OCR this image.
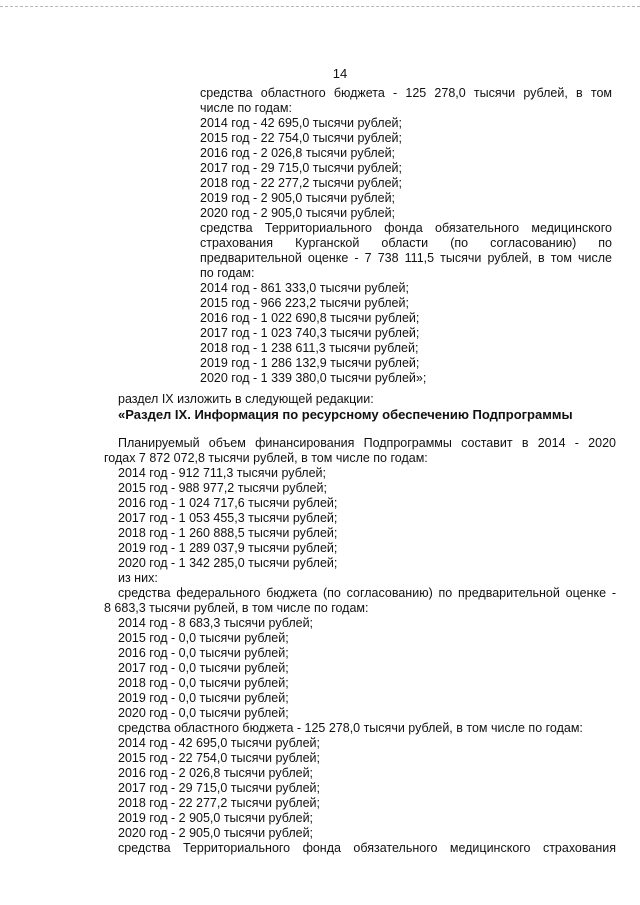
14
средства областного бюджета - 125 278,0 тысячи рублей, в том
числе по годам:
2014 год - 42 695,0 тысячи рублей;
2015 год - 22 754,0 тысячи рублей;
2016 год - 2 026,8 тысячи рублей;
2017 год - 29 715,0 тысячи рублей;
2018 год - 22 277,2 тысячи рублей;
2019 год - 2 905,0 тысячи рублей;
2020 год - 2 905,0 тысячи рублей;
средства Территориального фонда обязательного медицинского
страхования Курганской области (по согласованию) по
предварительной оценке - 7 738 111,5 тысячи рублей, в том числе
по годам:
2014 год - 861 333,0 тысячи рублей;
2015 год - 966 223,2 тысячи рублей;
2016 год - 1 022 690,8 тысячи рублей;
2017 год - 1 023 740,3 тысячи рублей;
2018 год - 1 238 611,3 тысячи рублей;
2019 год - 1 286 132,9 тысячи рублей;
2020 год - 1 339 380,0 тысячи рублей»;
раздел IX изложить в следующей редакции:
«Раздел IX. Информация по ресурсному обеспечению Подпрограммы
Планируемый объем финансирования Подпрограммы составит в 2014 - 2020
годах 7 872 072,8 тысячи рублей, в том числе по годам:
2014 год - 912 711,3 тысячи рублей;
2015 год - 988 977,2 тысячи рублей;
2016 год - 1 024 717,6 тысячи рублей;
2017 год - 1 053 455,3 тысячи рублей;
2018 год - 1 260 888,5 тысячи рублей;
2019 год - 1 289 037,9 тысячи рублей;
2020 год - 1 342 285,0 тысячи рублей;
из них:
средства федерального бюджета (по согласованию) по предварительной оценке -
8 683,3 тысячи рублей, в том числе по годам:
2014 год - 8 683,3 тысячи рублей;
2015 год - 0,0 тысячи рублей;
2016 год - 0,0 тысячи рублей;
2017 год - 0,0 тысячи рублей;
2018 год - 0,0 тысячи рублей;
2019 год - 0,0 тысячи рублей;
2020 год - 0,0 тысячи рублей;
средства областного бюджета - 125 278,0 тысячи рублей, в том числе по годам:
2014 год - 42 695,0 тысячи рублей;
2015 год - 22 754,0 тысячи рублей;
2016 год - 2 026,8 тысячи рублей;
2017 год - 29 715,0 тысячи рублей;
2018 год - 22 277,2 тысячи рублей;
2019 год - 2 905,0 тысячи рублей;
2020 год - 2 905,0 тысячи рублей;
средства Территориального фонда обязательного медицинского страхования
